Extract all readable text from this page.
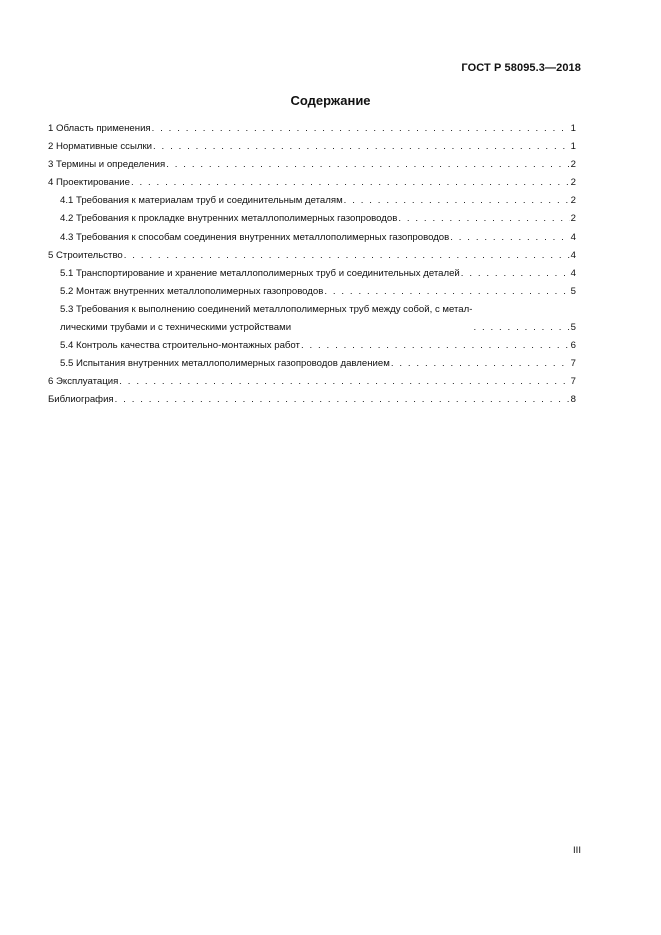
ГОСТ Р 58095.3—2018
Содержание
1 Область применения . . .	1
2 Нормативные ссылки . . .	1
3 Термины и определения . . .	2
4 Проектирование . . .	2
4.1 Требования к материалам труб и соединительным деталям . . .	2
4.2 Требования к прокладке внутренних металлополимерных газопроводов . . .	2
4.3 Требования к способам соединения внутренних металлополимерных газопроводов . . .	4
5 Строительство . . .	4
5.1 Транспортирование и хранение металлополимерных труб и соединительных деталей . . .	4
5.2 Монтаж внутренних металлополимерных газопроводов . . .	5
5.3 Требования к выполнению соединений металлополимерных труб между собой, с метал-
лическими трубами и с техническими устройствами . . .	5
5.4 Контроль качества строительно-монтажных работ . . .	6
5.5 Испытания внутренних металлополимерных газопроводов давлением . . .	7
6 Эксплуатация . . .	7
Библиография . . .	8
III
